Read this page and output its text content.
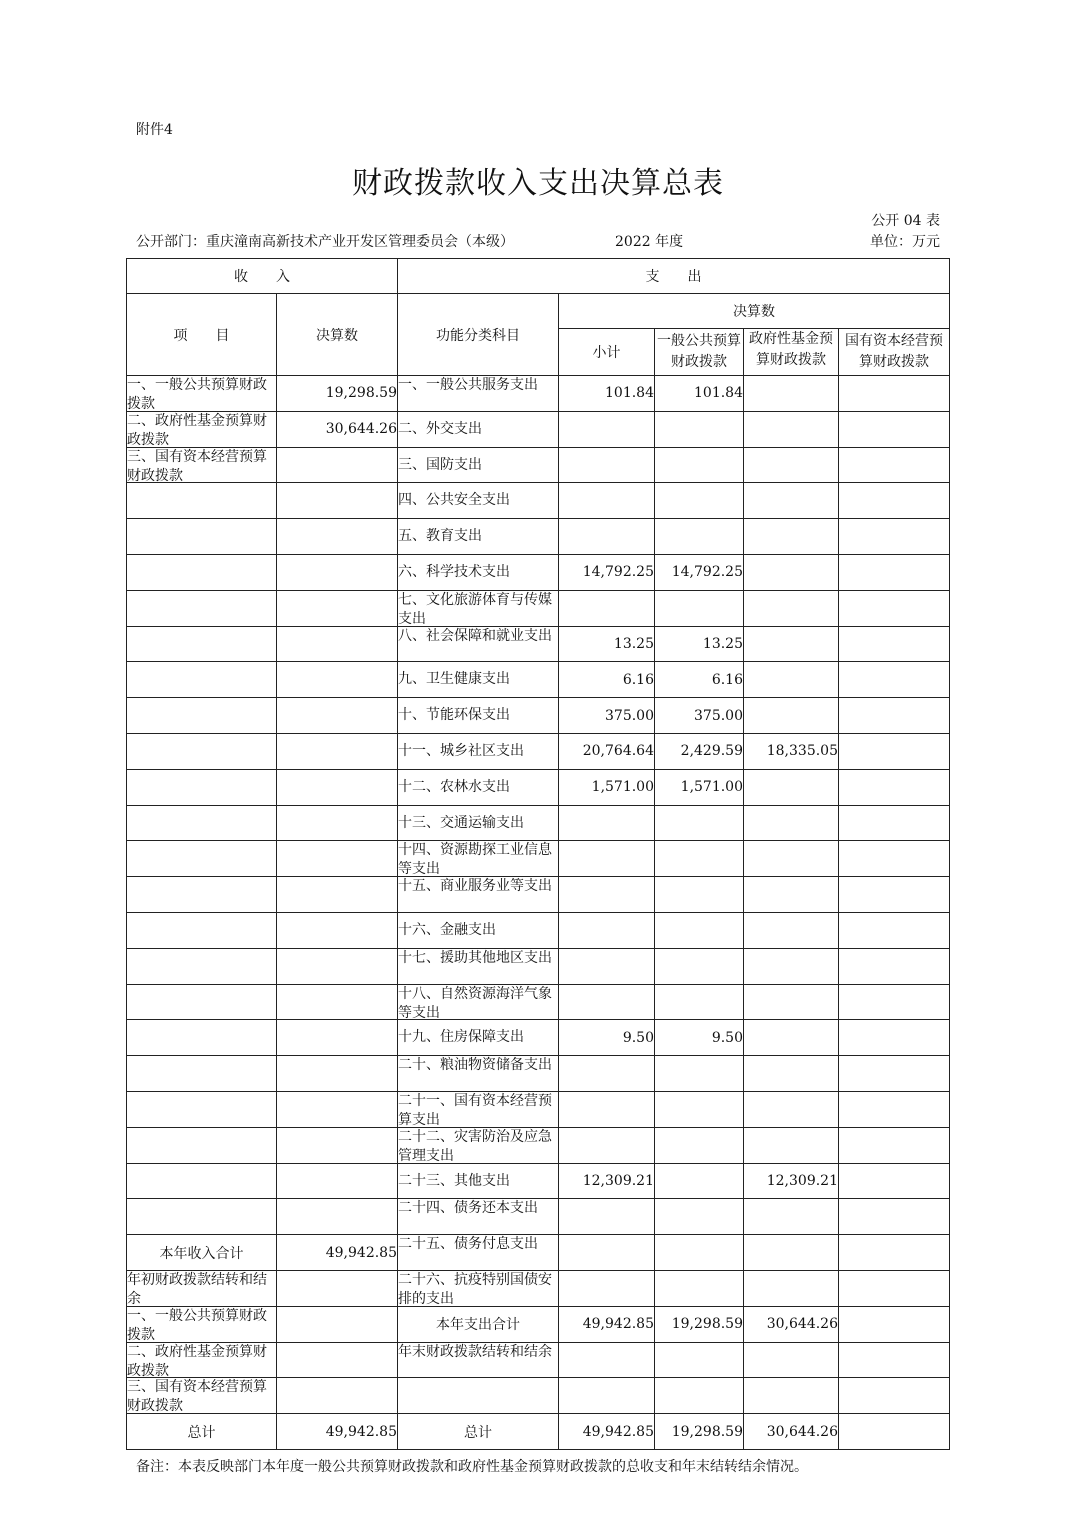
附件4
财政拨款收入支出决算总表
公开 04 表
公开部门：重庆潼南高新技术产业开发区管理委员会（本级）	2022 年度	单位：万元
收　　入		支　　出				
项　　目	决算数	功能分类科目	决算数			
			小计	一般公共预算财政拨款	政府性基金预算财政拨款	国有资本经营预算财政拨款

一、一般公共预算财政拨款	19,298.59	一、一般公共服务支出	101.84	101.84		

二、政府性基金预算财政拨款	30,644.26	二、外交支出				

三、国有资本经营预算财政拨款		三、国防支出				

		四、公共安全支出				

		五、教育支出				

		六、科学技术支出	14,792.25	14,792.25		

		七、文化旅游体育与传媒支出				

		八、社会保障和就业支出	13.25	13.25		

		九、卫生健康支出	6.16	6.16		

		十、节能环保支出	375.00	375.00		

		十一、城乡社区支出	20,764.64	2,429.59	18,335.05	

		十二、农林水支出	1,571.00	1,571.00		

		十三、交通运输支出				

		十四、资源勘探工业信息等支出				

		十五、商业服务业等支出				

		十六、金融支出				

		十七、援助其他地区支出				

		十八、自然资源海洋气象等支出				

		十九、住房保障支出	9.50	9.50		

		二十、粮油物资储备支出				

		二十一、国有资本经营预算支出				

		二十二、灾害防治及应急管理支出				

		二十三、其他支出	12,309.21		12,309.21	

		二十四、债务还本支出				

本年收入合计	49,942.85	二十五、债务付息支出				

年初财政拨款结转和结余		二十六、抗疫特别国债安排的支出				

一、一般公共预算财政拨款		本年支出合计	49,942.85	19,298.59	30,644.26	

二、政府性基金预算财政拨款		年末财政拨款结转和结余				

三、国有资本经营预算财政拨款						

总计	49,942.85	总计	49,942.85	19,298.59	30,644.26	
备注：本表反映部门本年度一般公共预算财政拨款和政府性基金预算财政拨款的总收支和年末结转结余情况。
